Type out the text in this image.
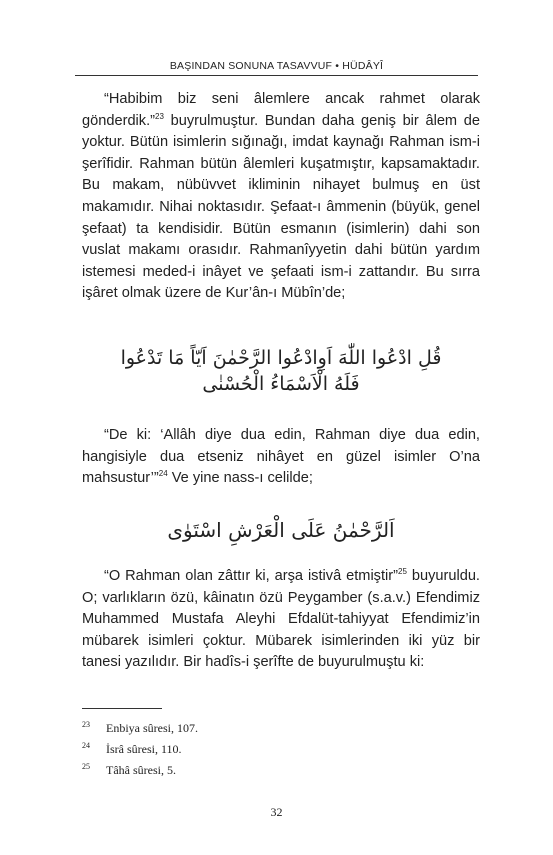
BAŞINDAN SONUNA TASAVVUF • HÜDÂYÎ

“Habibim biz seni âlemlere ancak rahmet olarak gönderdik.”$^{23}$ buyrulmuştur. Bundan daha geniş bir âlem de yoktur. Bütün isimlerin sığınağı, imdat kaynağı Rahman ism-i şerîfidir. Rahman bütün âlemleri kuşatmıştır, kapsamaktadır. Bu makam, nübüvvet ikliminin nihayet bulmuş en üst makamıdır. Nihai noktasıdır. Şefaat-ı âmmenin (büyük, genel şefaat) ta kendisidir. Bütün esmanın (isimlerin) dahi son vuslat makamı orasıdır. Rahmanîyyetin dahi bütün yardım istemesi meded-i inâyet ve şefaati ism-i zattandır. Bu sırra işâret olmak üzere de Kur’ân-ı Mübîn’de;

قُلِ ادْعُوا اللّٰهَ اَوِادْعُوا الرَّحْمٰنَ اَيّاً مَا تَدْعُوا
فَلَهُ الْاَسْمَاءُ الْحُسْنٰى

“De ki: ‘Allâh diye dua edin, Rahman diye dua edin, hangisiyle dua etseniz nihâyet en güzel isimler O’na mahsustur’”$^{24}$ Ve yine nass-ı celilde;

اَلرَّحْمٰنُ عَلَى الْعَرْشِ اسْتَوٰى

“O Rahman olan zâttır ki, arşa istivâ etmiştir”$^{25}$ buyuruldu. O; varlıkların özü, kâinatın özü Peygamber (s.a.v.) Efendimiz Muhammed Mustafa Aleyhi Efdalüt-tahiyyat Efendimiz’in mübarek isimleri çoktur. Mübarek isimlerinden iki yüz bir tanesi yazılıdır. Bir hadîs-i şerîfte de buyurulmuştu ki:

23	Enbiya sûresi, 107.
24	İsrâ sûresi, 110.
25	Tâhâ sûresi, 5.
32
